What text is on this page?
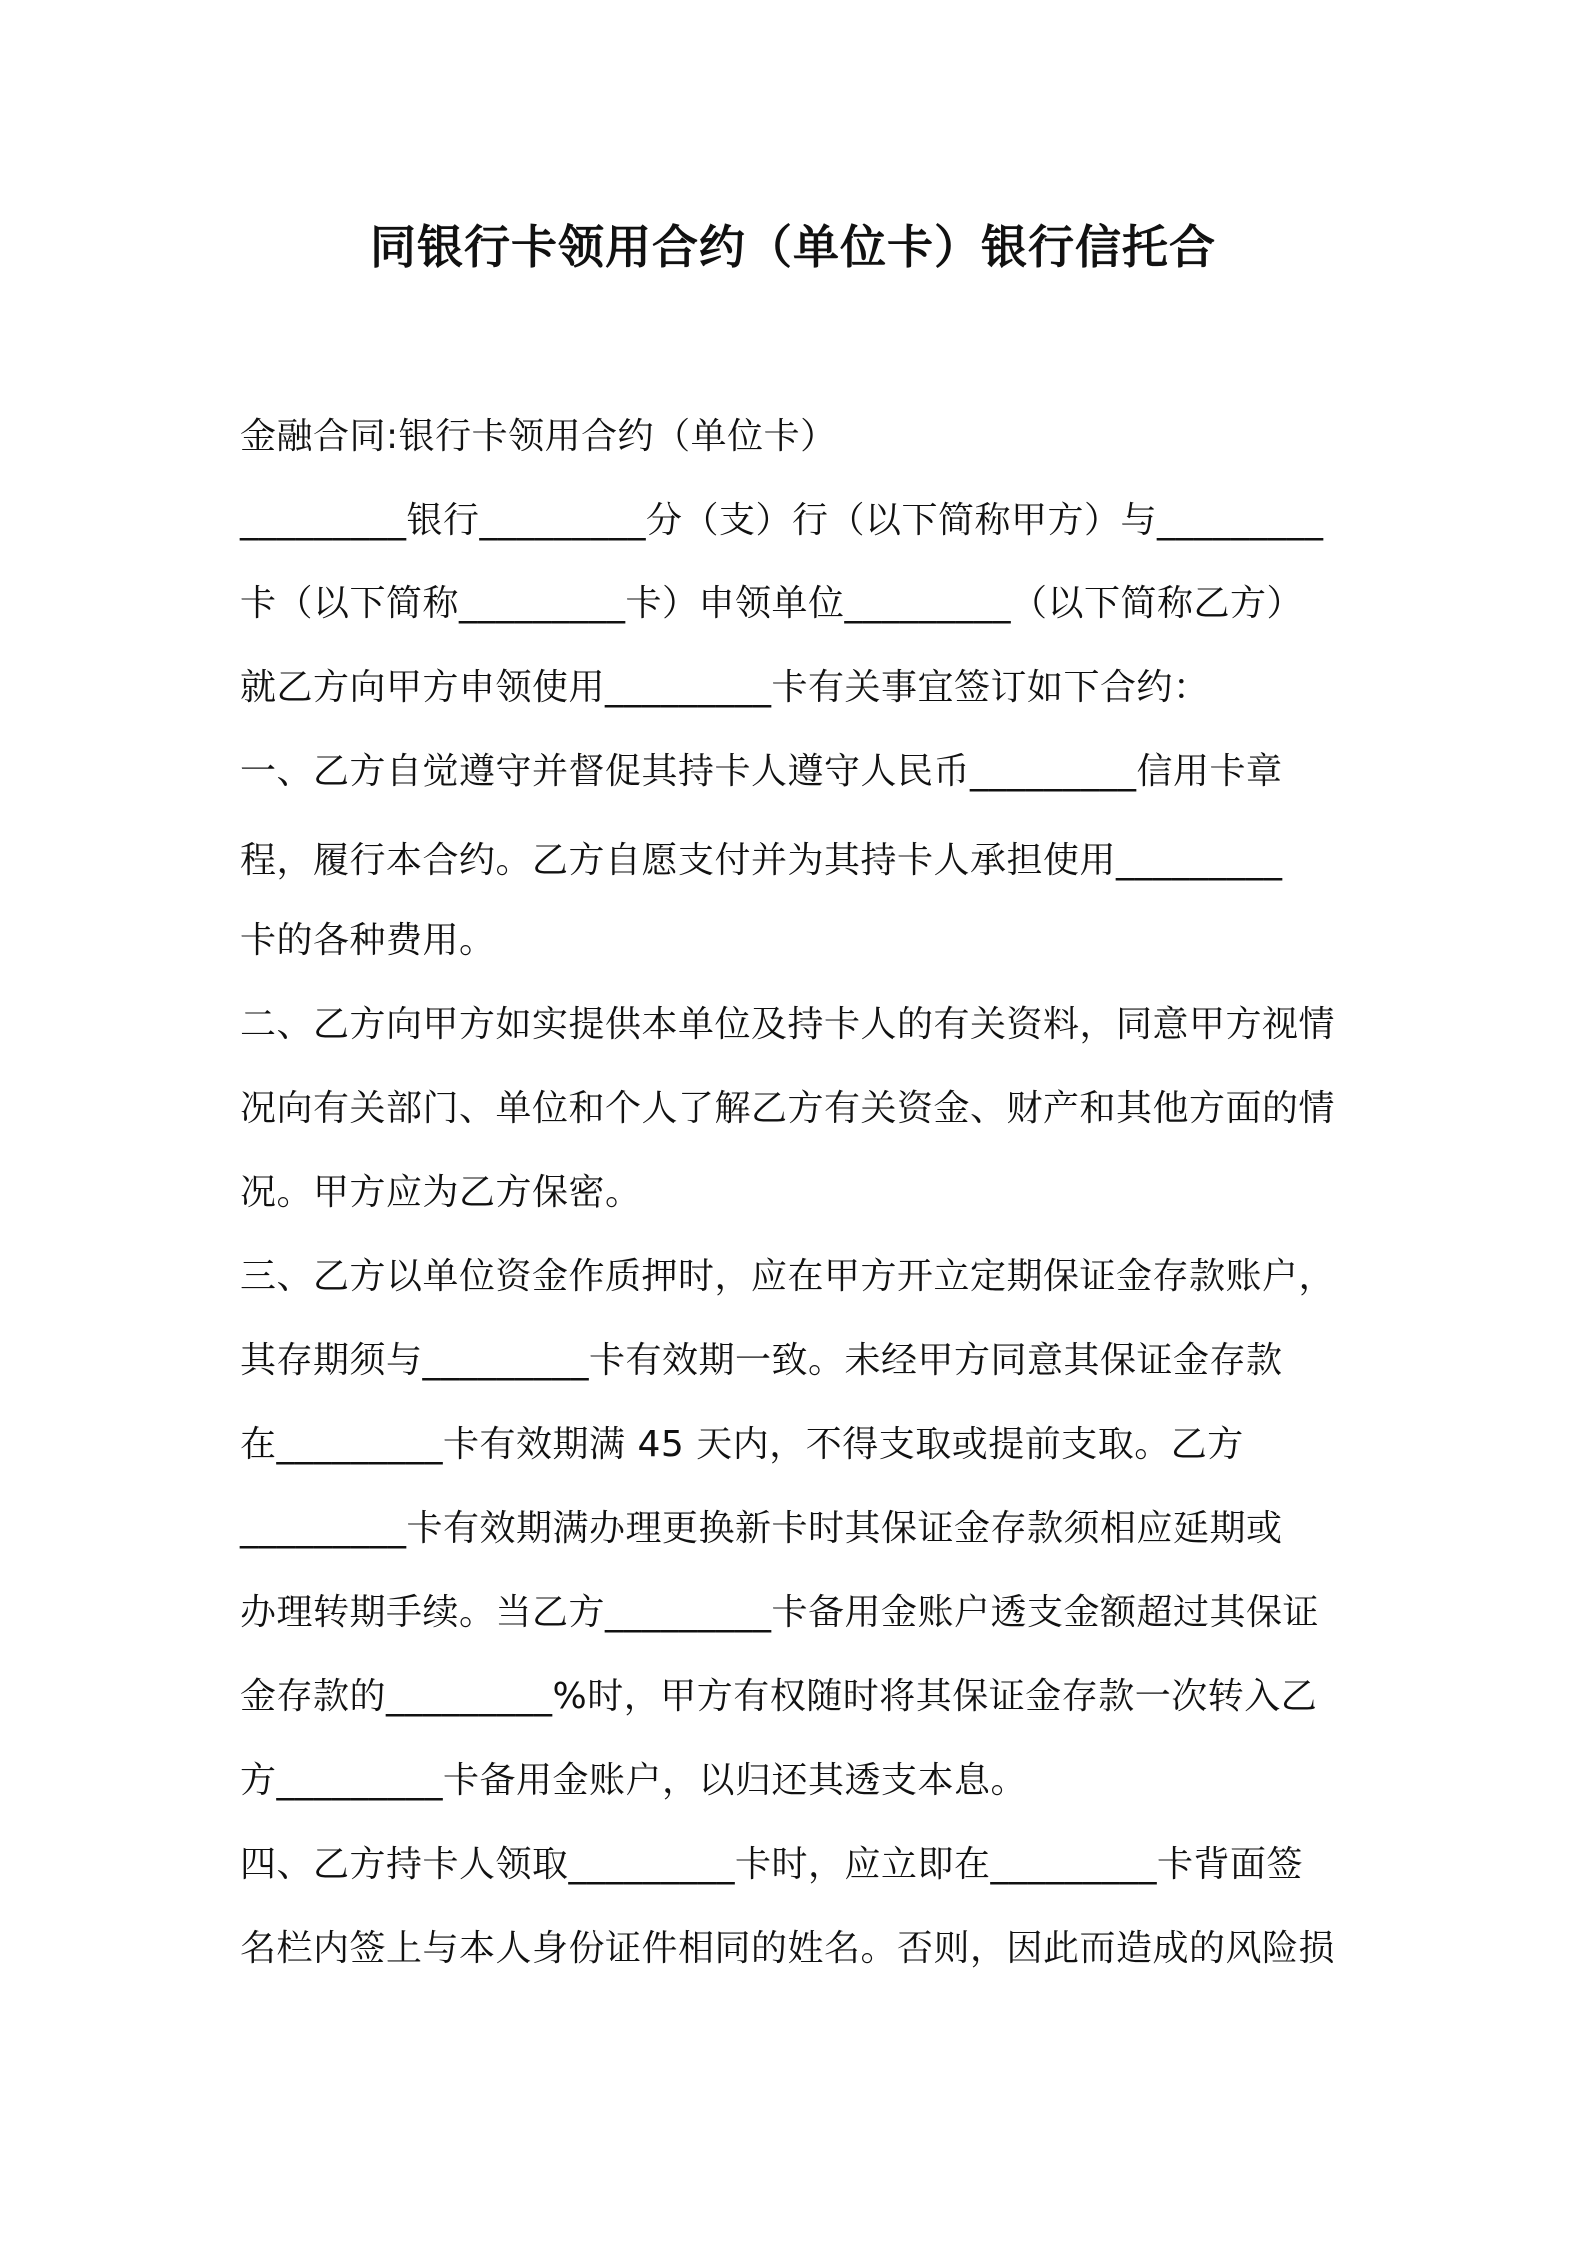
同银行卡领用合约（单位卡）银行信托合
金融合同:银行卡领用合约（单位卡）
_________银行_________分（支）行（以下简称甲方）与_________
卡（以下简称_________卡）申领单位_________（以下简称乙方）
就乙方向甲方申领使用_________卡有关事宜签订如下合约：
一、乙方自觉遵守并督促其持卡人遵守人民币_________信用卡章
程，履行本合约。乙方自愿支付并为其持卡人承担使用_________
卡的各种费用。
二、乙方向甲方如实提供本单位及持卡人的有关资料，同意甲方视情
况向有关部门、单位和个人了解乙方有关资金、财产和其他方面的情
况。甲方应为乙方保密。
三、乙方以单位资金作质押时，应在甲方开立定期保证金存款账户，
其存期须与_________卡有效期一致。未经甲方同意其保证金存款
在_________卡有效期满 45 天内，不得支取或提前支取。乙方
_________卡有效期满办理更换新卡时其保证金存款须相应延期或
办理转期手续。当乙方_________卡备用金账户透支金额超过其保证
金存款的_________%时，甲方有权随时将其保证金存款一次转入乙
方_________卡备用金账户，以归还其透支本息。
四、乙方持卡人领取_________卡时，应立即在_________卡背面签
名栏内签上与本人身份证件相同的姓名。否则，因此而造成的风险损
